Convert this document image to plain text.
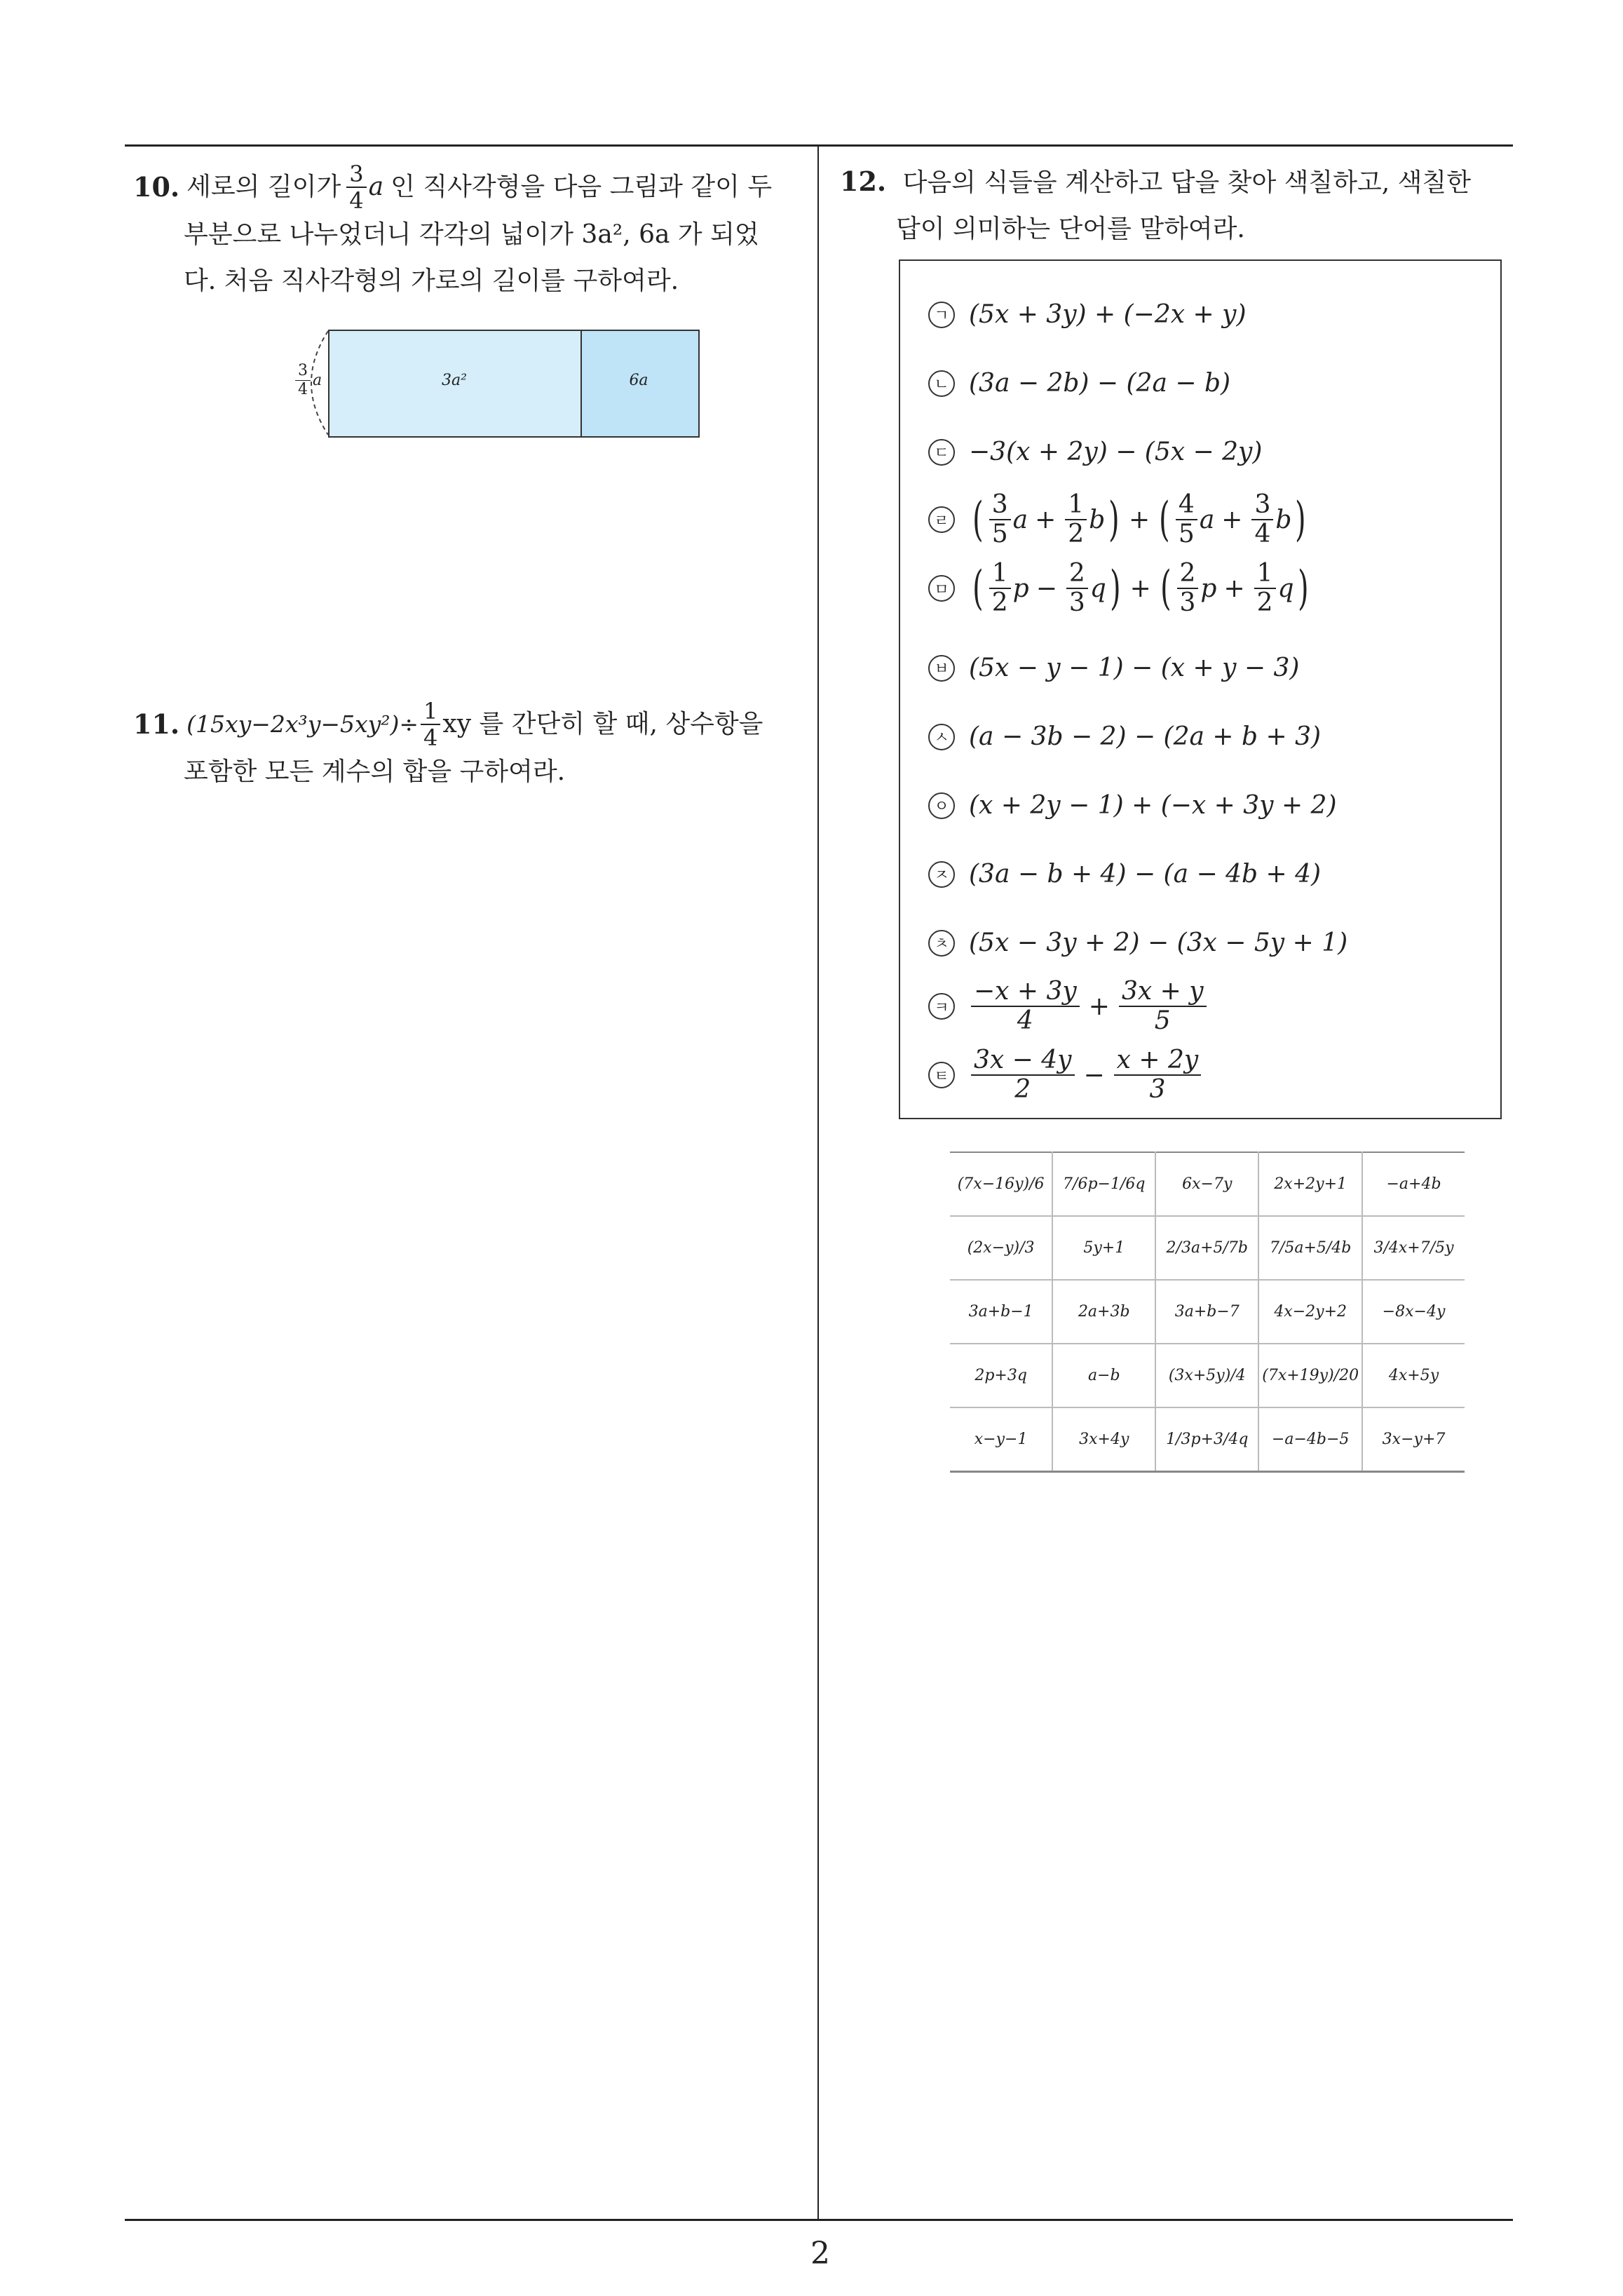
2
10. 세로의 길이가 $\frac{3}{4}$ a 인 직사각형을 다음 그림과 같이 두
부분으로 나누었더니 각각의 넓이가 3a², 6a 가 되었
다. 처음 직사각형의 가로의 길이를 구하여라.
$\frac{3}{4}$ a	3a²	6a
11. $(15xy-2x^3y-5xy^2)\div \frac{1}{4}$ xy 를 간단히 할 때, 상수항을
포함한 모든 계수의 합을 구하여라.
12. 다음의 식들을 계산하고 답을 찾아 색칠하고, 색칠한
답이 의미하는 단어를 말하여라.
ㄱ (5x + 3y) + (−2x + y)
ㄴ (3a − 2b) − (2a − b)
ㄷ −3(x + 2y) − (5x − 2y)
ㄹ ( $\frac{3}{5}$ $a + \frac{1}{2}$ b ) + ( $\frac{4}{5}$ $a + \frac{3}{4}$ b )
ㅁ ( $\frac{1}{2}$ $p - \frac{2}{3}$ q ) + ( $\frac{2}{3}$ $p + \frac{1}{2}$ q )
ㅂ (5x − y − 1) − (x + y − 3)
ㅅ (a − 3b − 2) − (2a + b + 3)
ㅇ (x + 2y − 1) + (−x + 3y + 2)
ㅈ (3a − b + 4) − (a − 4b + 4)
ㅊ (5x − 3y + 2) − (3x − 5y + 1)
ㅋ $\frac{-x + 3y}{4} + \frac{3x + y}{5}$
ㅌ $\frac{3x - 4y}{2} - \frac{x + 2y}{3}$
(7x−16y)/6	7/6p−1/6q	6x−7y	2x+2y+1	−a+4b
(2x−y)/3	5y+1	2/3a+5/7b	7/5a+5/4b	3/4x+7/5y
3a+b−1	2a+3b	3a+b−7	4x−2y+2	−8x−4y
2p+3q	a−b	(3x+5y)/4	(7x+19y)/20	4x+5y
x−y−1	3x+4y	1/3p+3/4q	−a−4b−5	3x−y+7
